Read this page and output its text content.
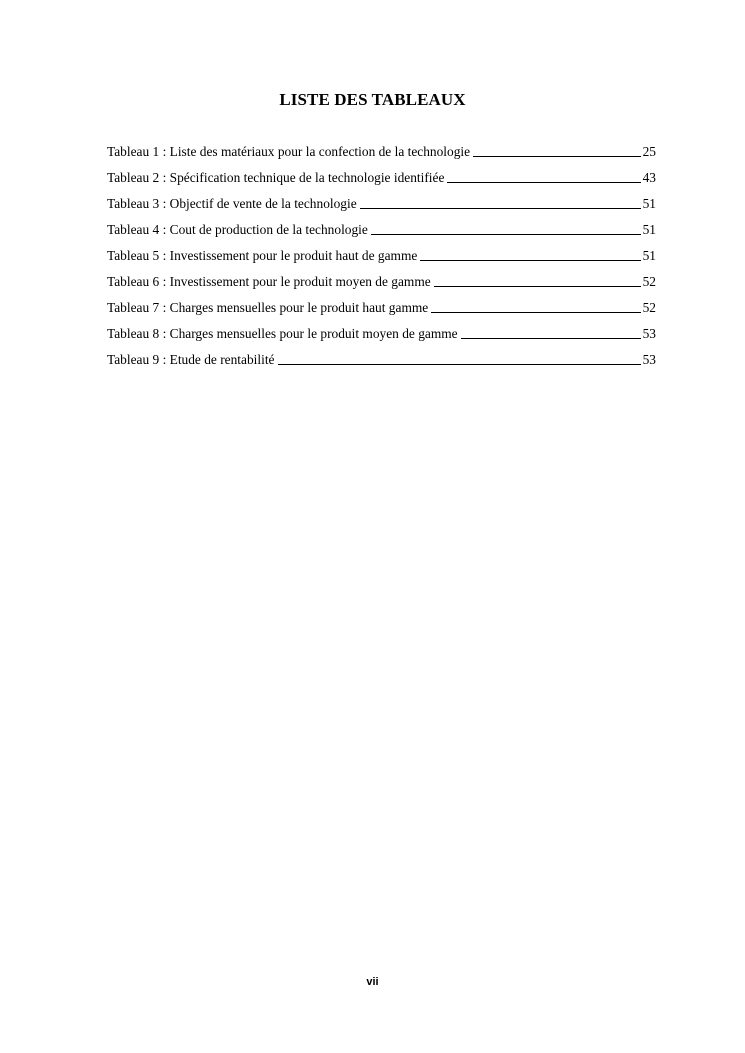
LISTE DES TABLEAUX
Tableau 1 : Liste des matériaux pour la confection de la technologie	25
Tableau 2 : Spécification technique de la technologie identifiée	43
Tableau 3 : Objectif de vente de la technologie	51
Tableau 4 : Cout de production de la technologie	51
Tableau 5 : Investissement pour le produit haut de gamme	51
Tableau 6 : Investissement pour le produit moyen de gamme	52
Tableau 7 : Charges mensuelles pour le produit haut gamme	52
Tableau 8 : Charges mensuelles pour le produit moyen de gamme	53
Tableau 9 : Etude de rentabilité	53
vii
